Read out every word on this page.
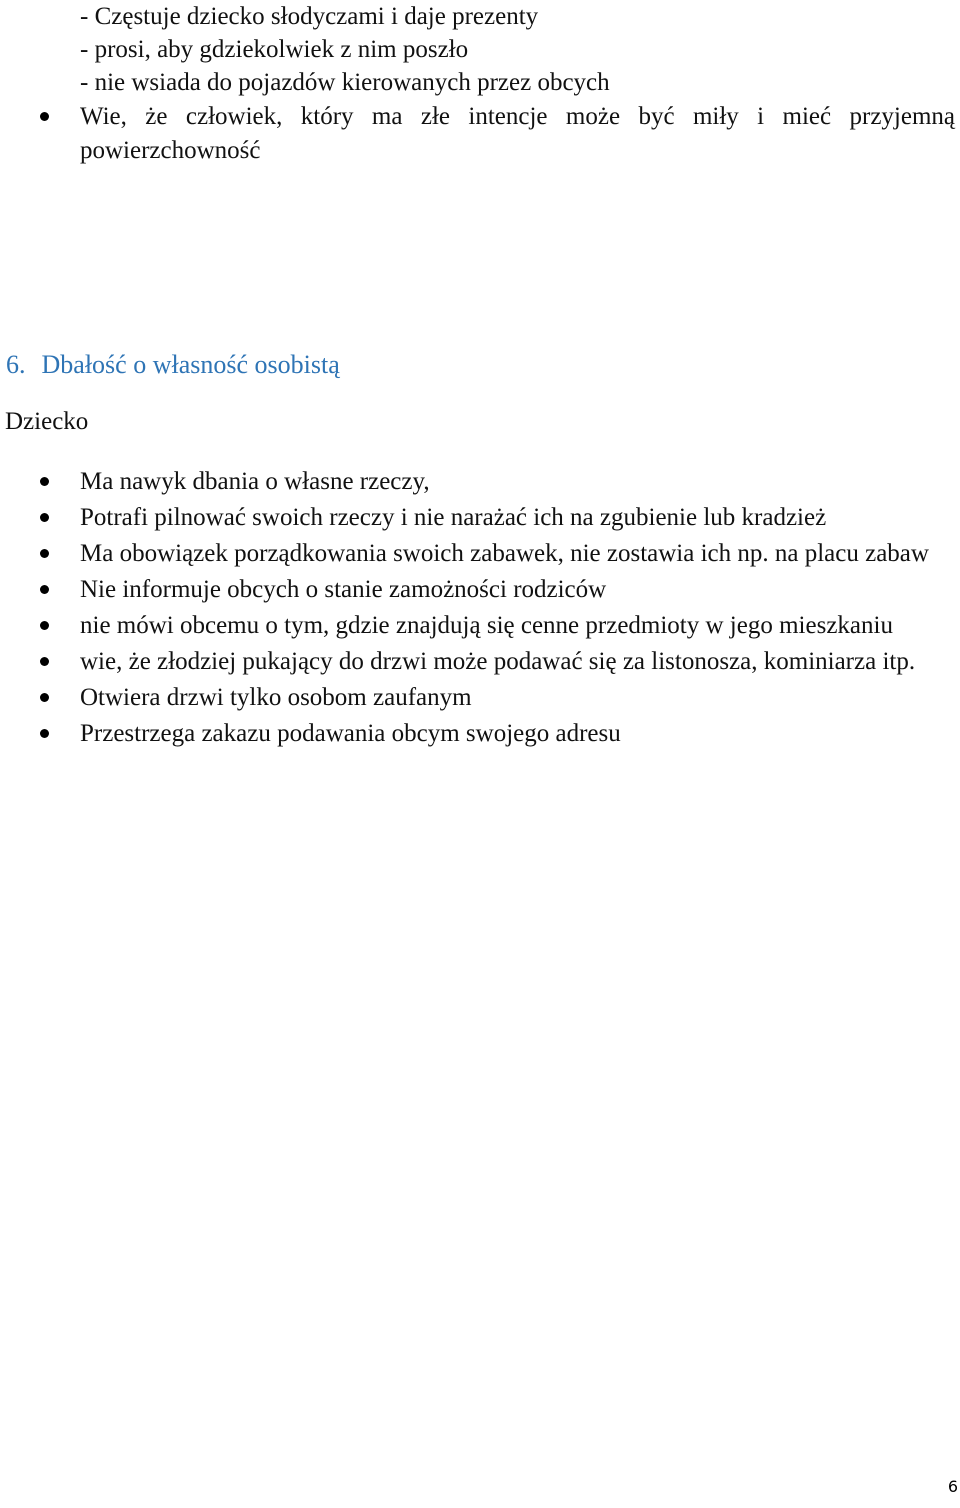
- Częstuje dziecko słodyczami i daje prezenty
- prosi, aby gdziekolwiek z nim poszło
- nie wsiada do pojazdów kierowanych przez obcych
Wie, że człowiek, który ma złe intencje może być miły i mieć przyjemną powierzchowność
6. Dbałość o własność osobistą

Dziecko

Ma nawyk dbania o własne rzeczy,
Potrafi pilnować swoich rzeczy i nie narażać ich na zgubienie lub kradzież
Ma obowiązek porządkowania swoich zabawek, nie zostawia ich np. na placu zabaw
Nie informuje obcych o stanie zamożności rodziców
nie mówi obcemu o tym, gdzie znajdują się cenne przedmioty w jego mieszkaniu
wie, że złodziej pukający do drzwi może podawać się za listonosza, kominiarza itp.
Otwiera drzwi tylko osobom zaufanym
Przestrzega zakazu podawania obcym swojego adresu
6
